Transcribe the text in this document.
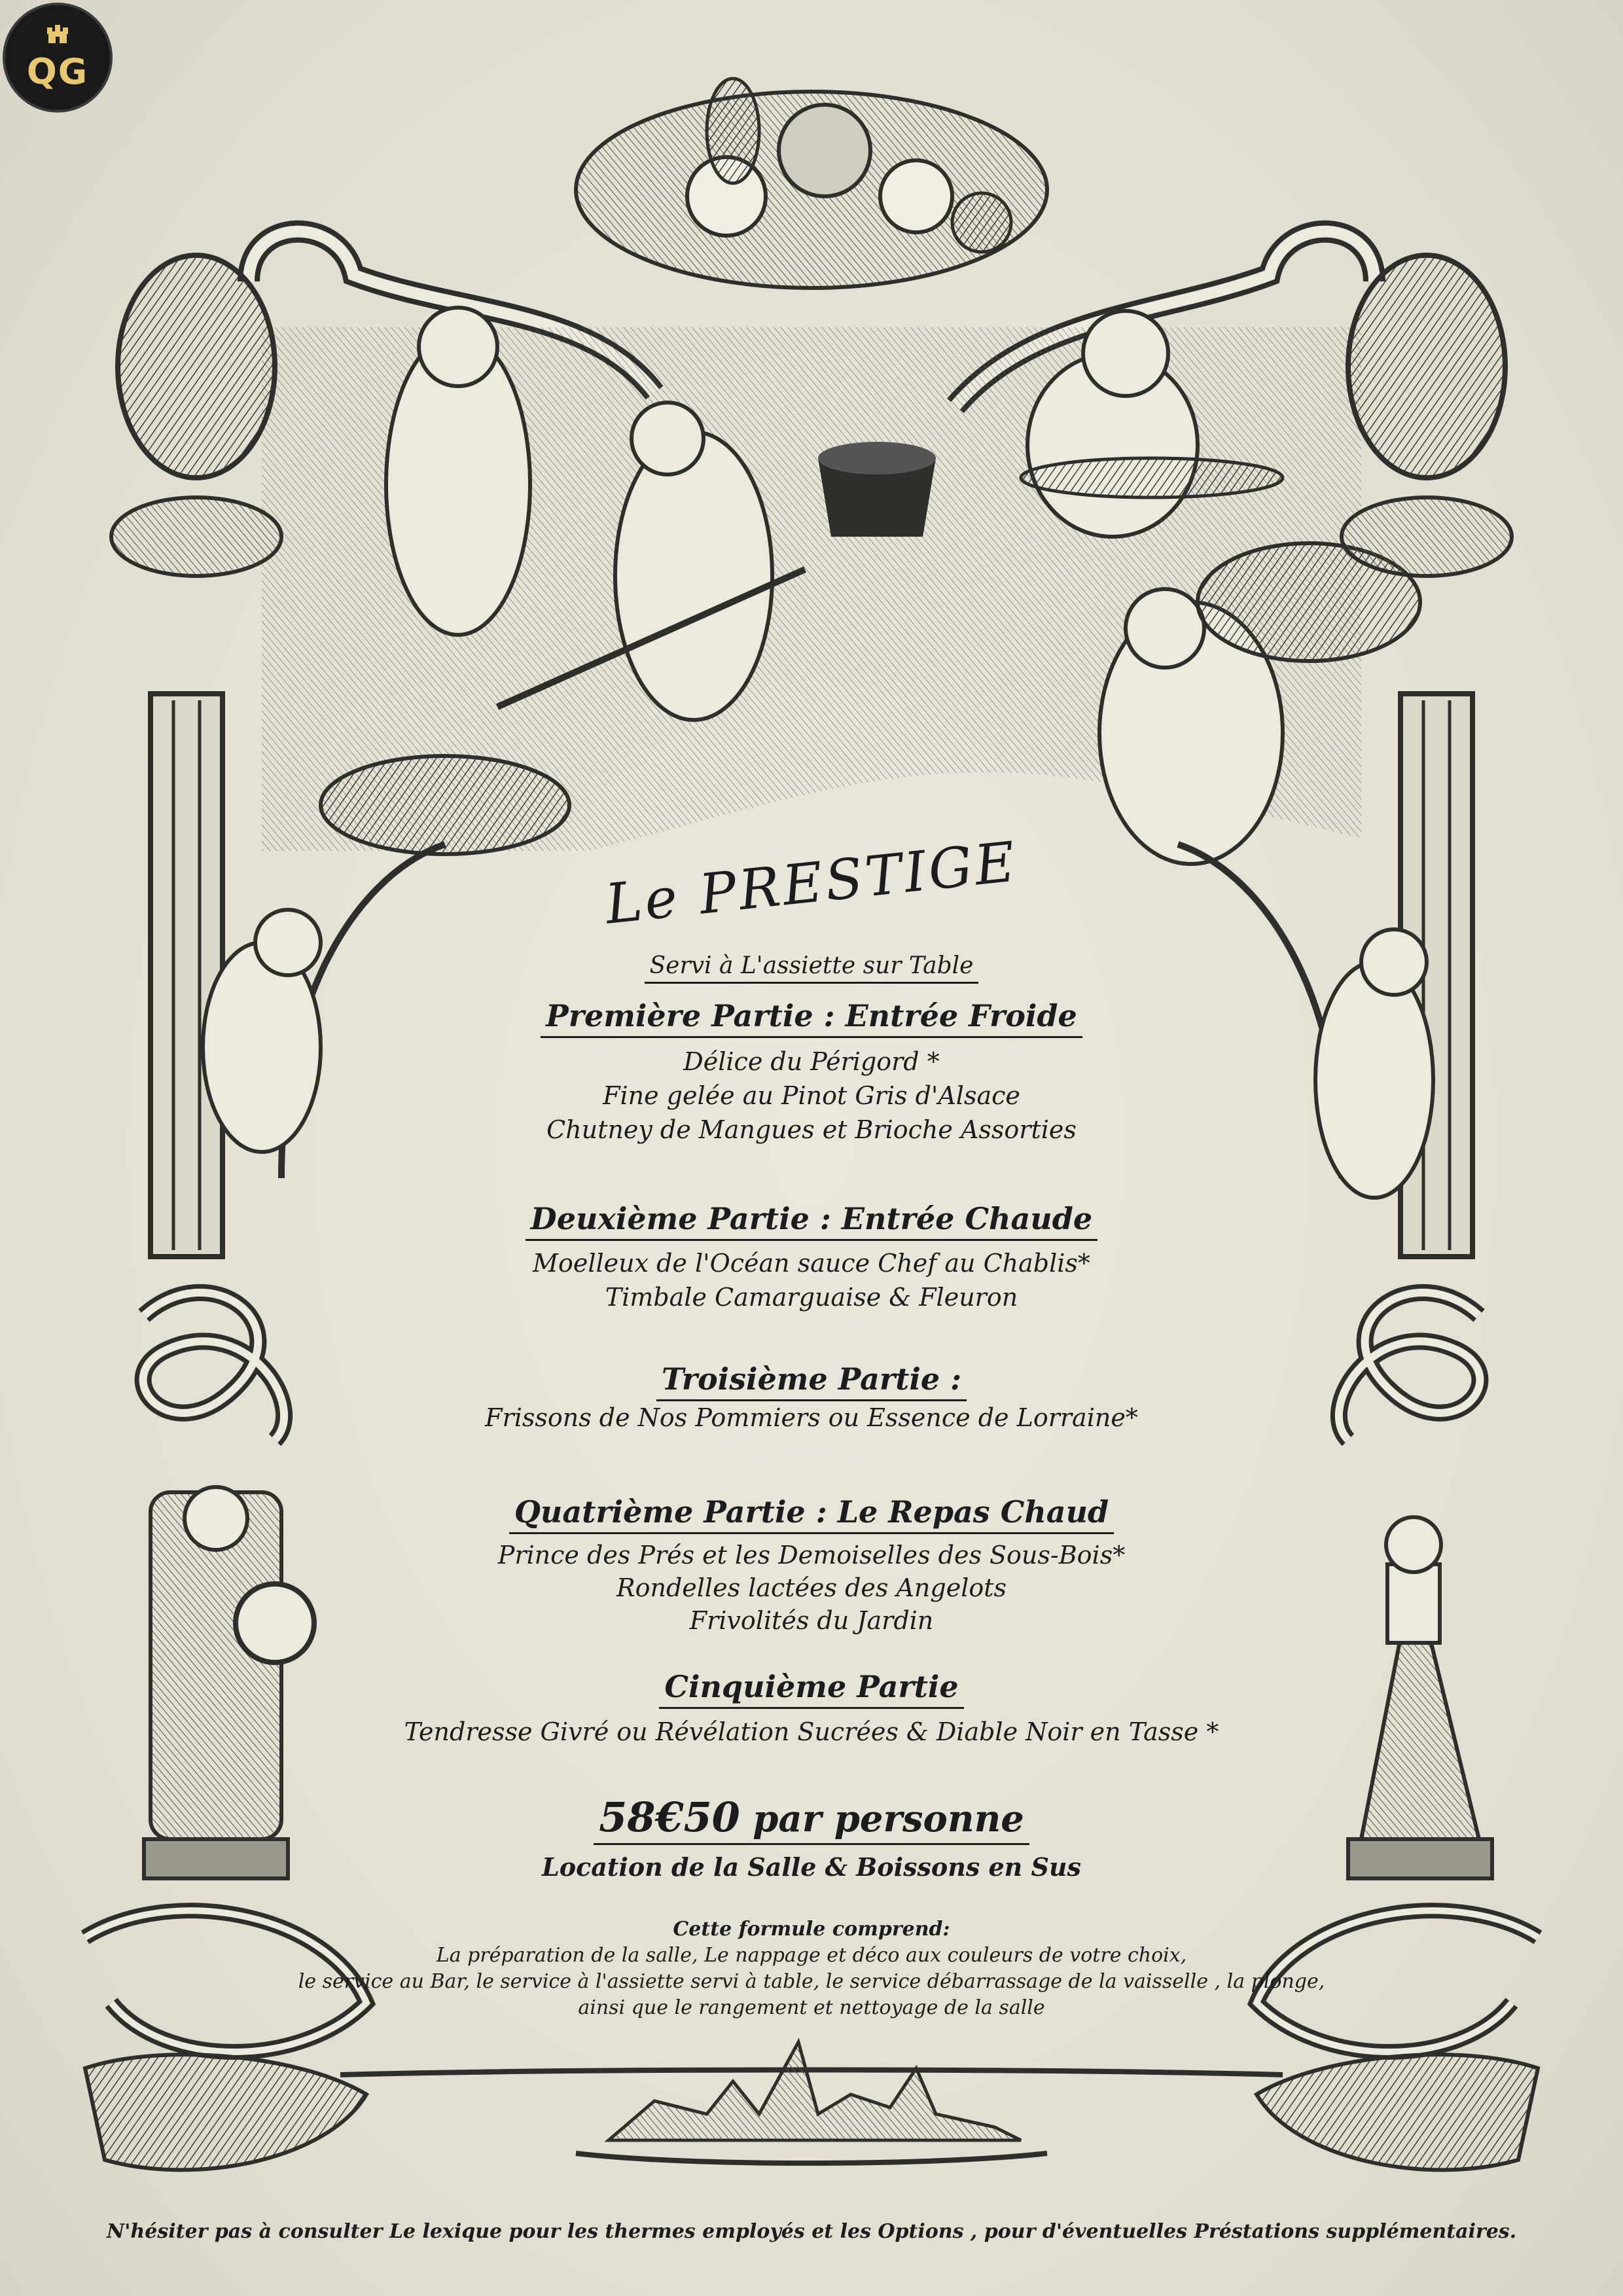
QG
Le PRESTIGE
Servi à L'assiette sur Table
Première Partie : Entrée Froide
Délice du Périgord *
Fine gelée au Pinot Gris d'Alsace
Chutney de Mangues et Brioche Assorties
Deuxième Partie : Entrée Chaude
Moelleux de l'Océan sauce Chef au Chablis*
Timbale Camarguaise & Fleuron
Troisième Partie :
Frissons de Nos Pommiers ou Essence de Lorraine*
Quatrième Partie : Le Repas Chaud
Prince des Prés et les Demoiselles des Sous-Bois*
Rondelles lactées des Angelots
Frivolités du Jardin
Cinquième Partie
Tendresse Givré ou Révélation Sucrées & Diable Noir en Tasse *
58€50 par personne
Location de la Salle & Boissons en Sus
Cette formule comprend:
La préparation de la salle, Le nappage et déco aux couleurs de votre choix,
le service au Bar, le service à l'assiette servi à table, le service débarrassage de la vaisselle , la plonge,
ainsi que le rangement et nettoyage de la salle
N'hésiter pas à consulter Le lexique pour les thermes employés et les Options , pour d'éventuelles Préstations supplémentaires.
